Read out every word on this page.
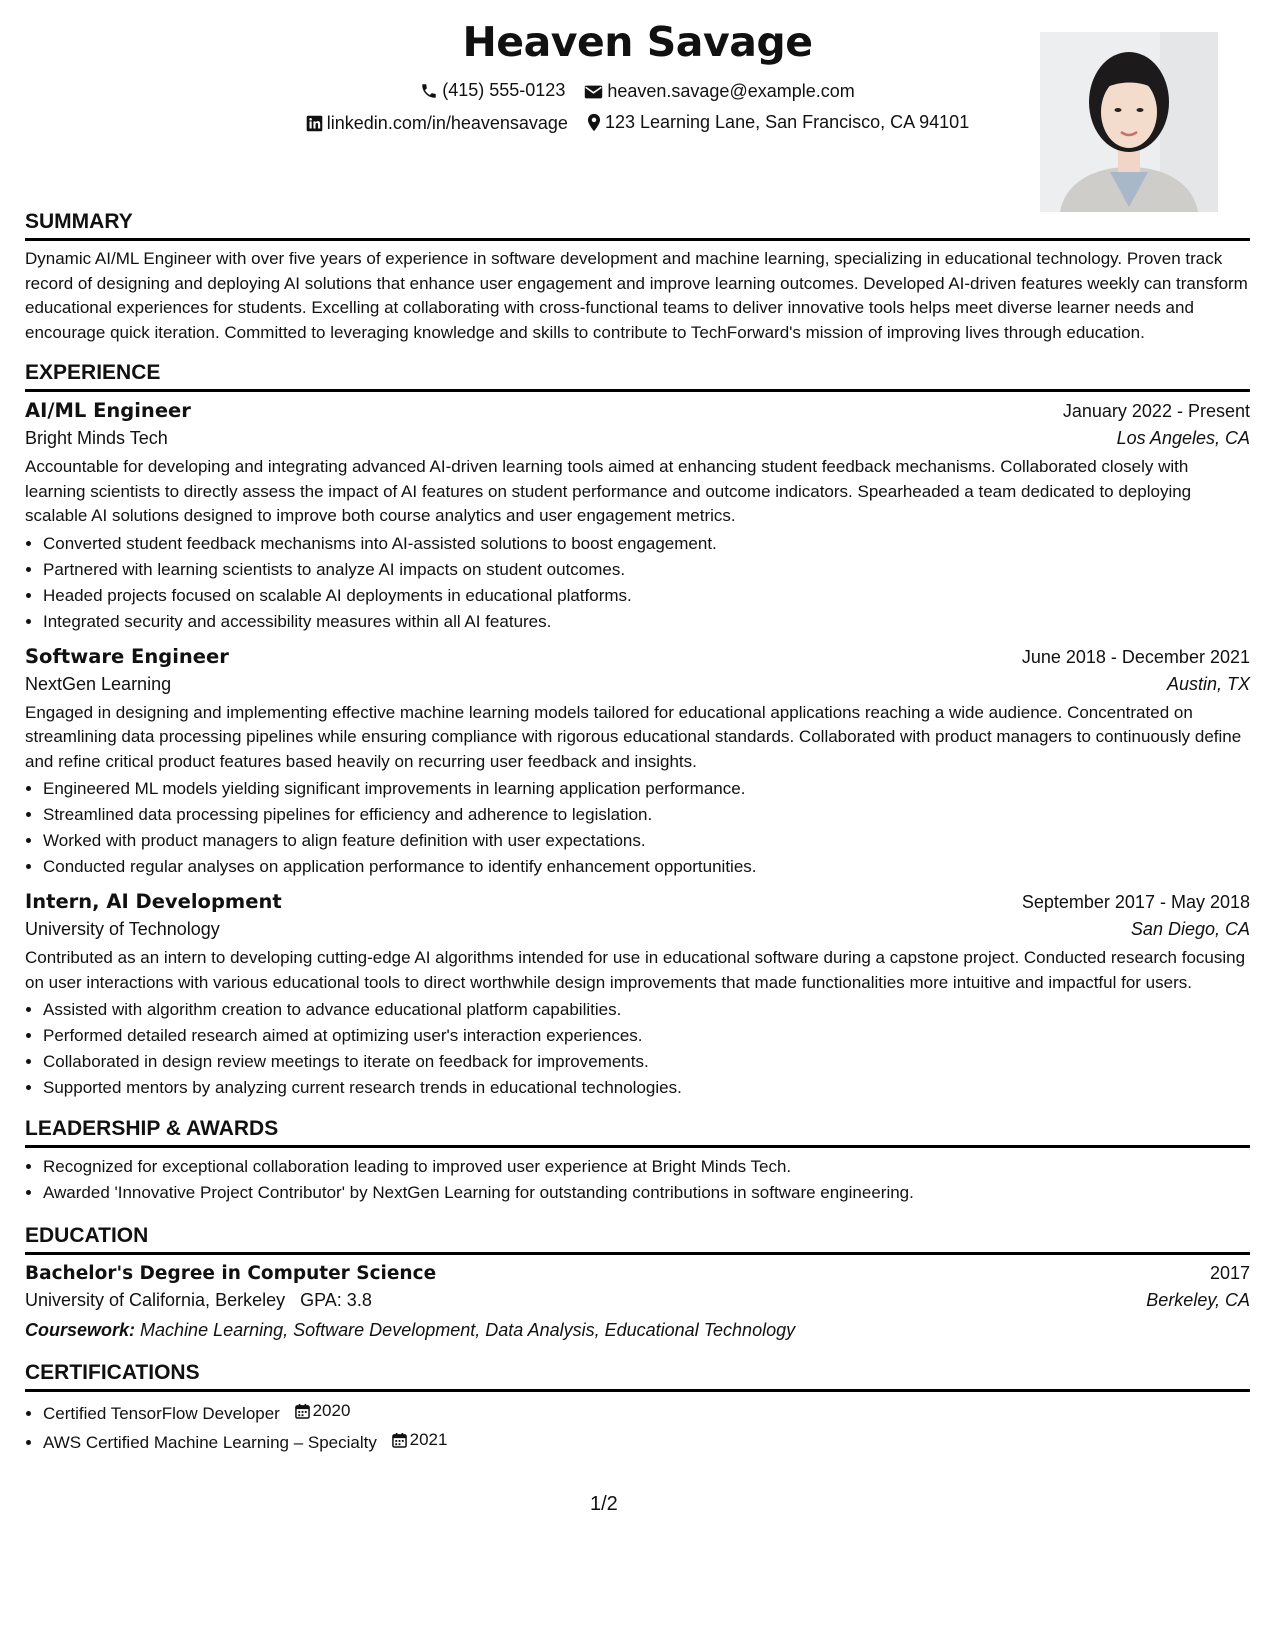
Heaven Savage
(415) 555-0123
heaven.savage@example.com
linkedin.com/in/heavensavage
123 Learning Lane, San Francisco, CA 94101
SUMMARY

Dynamic AI/ML Engineer with over five years of experience in software development and machine learning, specializing in educational technology. Proven track record of designing and deploying AI solutions that enhance user engagement and improve learning outcomes. Developed AI-driven features weekly can transform educational experiences for students. Excelling at collaborating with cross-functional teams to deliver innovative tools helps meet diverse learner needs and encourage quick iteration. Committed to leveraging knowledge and skills to contribute to TechForward's mission of improving lives through education.

EXPERIENCE
AI/ML Engineer	January 2022 - Present
Bright Minds Tech	Los Angeles, CA

Accountable for developing and integrating advanced AI-driven learning tools aimed at enhancing student feedback mechanisms. Collaborated closely with learning scientists to directly assess the impact of AI features on student performance and outcome indicators. Spearheaded a team dedicated to deploying scalable AI solutions designed to improve both course analytics and user engagement metrics.

• Converted student feedback mechanisms into AI-assisted solutions to boost engagement.
• Partnered with learning scientists to analyze AI impacts on student outcomes.
• Headed projects focused on scalable AI deployments in educational platforms.
• Integrated security and accessibility measures within all AI features.
Software Engineer	June 2018 - December 2021
NextGen Learning	Austin, TX

Engaged in designing and implementing effective machine learning models tailored for educational applications reaching a wide audience. Concentrated on streamlining data processing pipelines while ensuring compliance with rigorous educational standards. Collaborated with product managers to continuously define and refine critical product features based heavily on recurring user feedback and insights.

• Engineered ML models yielding significant improvements in learning application performance.
• Streamlined data processing pipelines for efficiency and adherence to legislation.
• Worked with product managers to align feature definition with user expectations.
• Conducted regular analyses on application performance to identify enhancement opportunities.
Intern, AI Development	September 2017 - May 2018
University of Technology	San Diego, CA

Contributed as an intern to developing cutting-edge AI algorithms intended for use in educational software during a capstone project. Conducted research focusing on user interactions with various educational tools to direct worthwhile design improvements that made functionalities more intuitive and impactful for users.

• Assisted with algorithm creation to advance educational platform capabilities.
• Performed detailed research aimed at optimizing user's interaction experiences.
• Collaborated in design review meetings to iterate on feedback for improvements.
• Supported mentors by analyzing current research trends in educational technologies.
LEADERSHIP & AWARDS
• Recognized for exceptional collaboration leading to improved user experience at Bright Minds Tech.
• Awarded 'Innovative Project Contributor' by NextGen Learning for outstanding contributions in software engineering.
EDUCATION
Bachelor's Degree in Computer Science	2017
University of California, Berkeley GPA: 3.8	Berkeley, CA
Coursework: Machine Learning, Software Development, Data Analysis, Educational Technology
CERTIFICATIONS
• Certified TensorFlow Developer 2020
• AWS Certified Machine Learning – Specialty 2021
1/2
